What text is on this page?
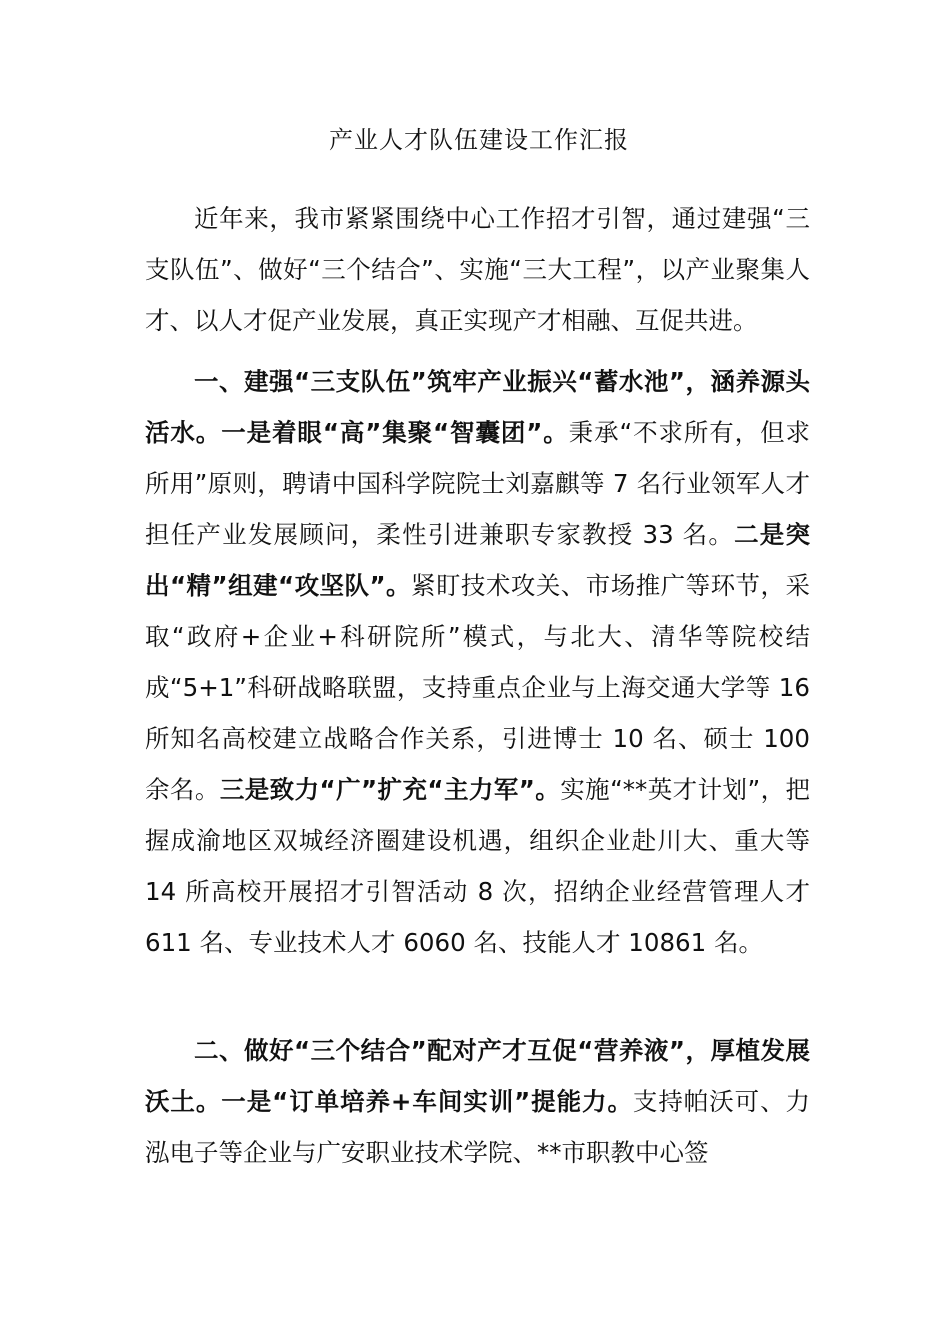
产业人才队伍建设工作汇报

近年来，我市紧紧围绕中心工作招才引智，通过建强“三支队伍”、做好“三个结合”、实施“三大工程”，以产业聚集人才、以人才促产业发展，真正实现产才相融、互促共进。

一、建强“三支队伍”筑牢产业振兴“蓄水池”，涵养源头活水。一是着眼“高”集聚“智囊团”。秉承“不求所有，但求所用”原则，聘请中国科学院院士刘嘉麒等 7 名行业领军人才担任产业发展顾问，柔性引进兼职专家教授 33 名。二是突出“精”组建“攻坚队”。紧盯技术攻关、市场推广等环节，采取“政府+企业+科研院所”模式，与北大、清华等院校结成“5+1”科研战略联盟，支持重点企业与上海交通大学等 16 所知名高校建立战略合作关系，引进博士 10 名、硕士 100 余名。三是致力“广”扩充“主力军”。实施“**英才计划”，把握成渝地区双城经济圈建设机遇，组织企业赴川大、重大等 14 所高校开展招才引智活动 8 次，招纳企业经营管理人才 611 名、专业技术人才 6060 名、技能人才 10861 名。

二、做好“三个结合”配对产才互促“营养液”，厚植发展沃土。一是“订单培养+车间实训”提能力。支持帕沃可、力泓电子等企业与广安职业技术学院、**市职教中心签
